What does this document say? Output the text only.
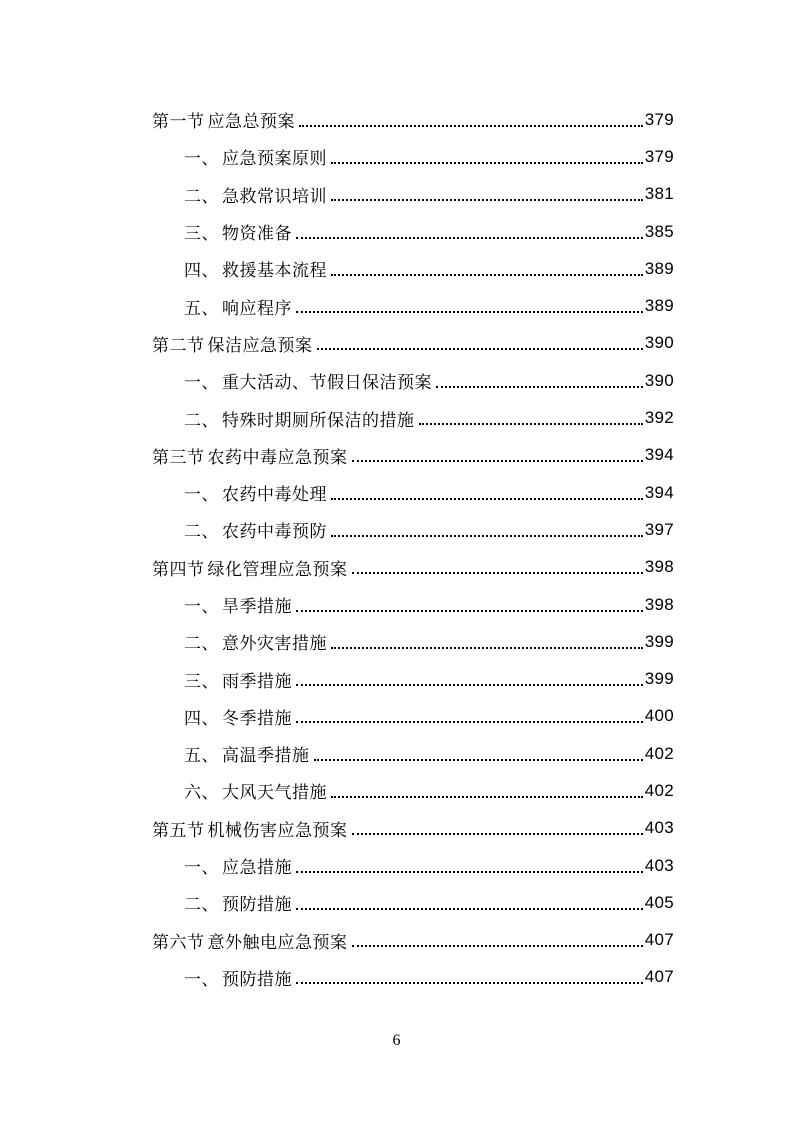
第一节 应急总预案	379
一、 应急预案原则	379
二、 急救常识培训	381
三、 物资准备	385
四、 救援基本流程	389
五、 响应程序	389
第二节 保洁应急预案	390
一、 重大活动、节假日保洁预案	390
二、 特殊时期厕所保洁的措施	392
第三节 农药中毒应急预案	394
一、 农药中毒处理	394
二、 农药中毒预防	397
第四节 绿化管理应急预案	398
一、 旱季措施	398
二、 意外灾害措施	399
三、 雨季措施	399
四、 冬季措施	400
五、 高温季措施	402
六、 大风天气措施	402
第五节 机械伤害应急预案	403
一、 应急措施	403
二、 预防措施	405
第六节 意外触电应急预案	407
一、 预防措施	407
6
